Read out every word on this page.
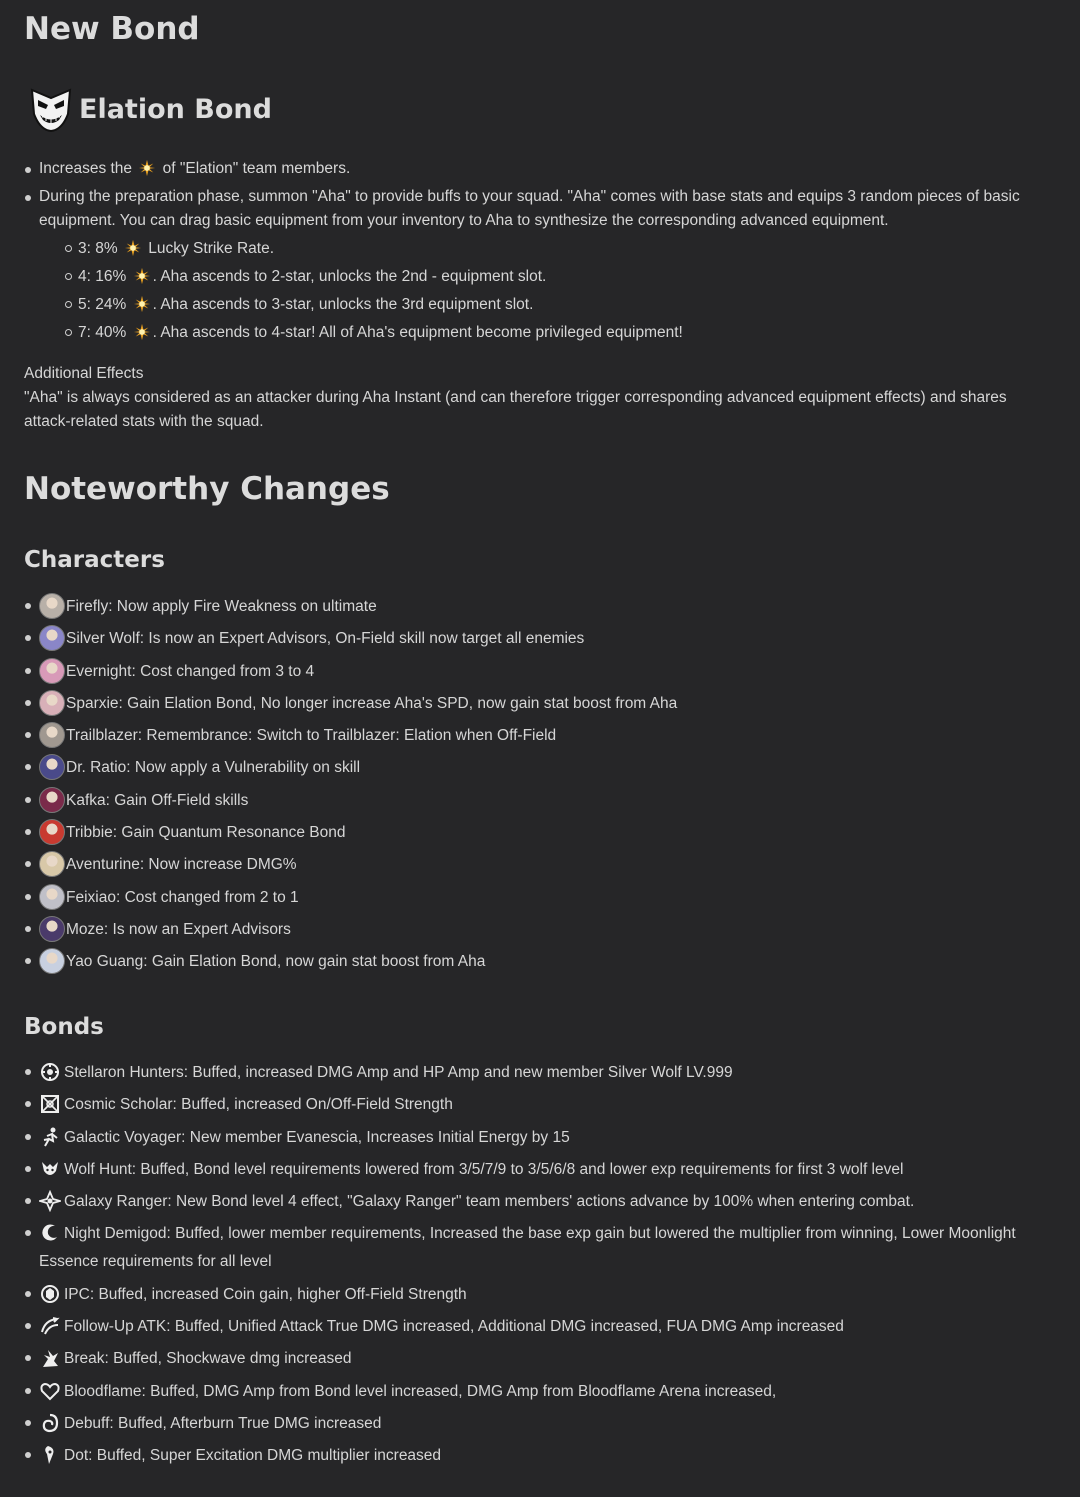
New Bond
Elation Bond
Increases the  of "Elation" team members.
During the preparation phase, summon "Aha" to provide buffs to your squad. "Aha" comes with base stats and equips 3 random pieces of basic equipment. You can drag basic equipment from your inventory to Aha to synthesize the corresponding advanced equipment.
3: 8%  Lucky Strike Rate.
4: 16% . Aha ascends to 2-star, unlocks the 2nd - equipment slot.
5: 24% . Aha ascends to 3-star, unlocks the 3rd equipment slot.
7: 40% . Aha ascends to 4-star! All of Aha's equipment become privileged equipment!
Additional Effects
"Aha" is always considered as an attacker during Aha Instant (and can therefore trigger corresponding advanced equipment effects) and shares attack-related stats with the squad.
Noteworthy Changes
Characters
Firefly: Now apply Fire Weakness on ultimate
Silver Wolf: Is now an Expert Advisors, On-Field skill now target all enemies
Evernight: Cost changed from 3 to 4
Sparxie: Gain Elation Bond, No longer increase Aha's SPD, now gain stat boost from Aha
Trailblazer: Remembrance: Switch to Trailblazer: Elation when Off-Field
Dr. Ratio: Now apply a Vulnerability on skill
Kafka: Gain Off-Field skills
Tribbie: Gain Quantum Resonance Bond
Aventurine: Now increase DMG%
Feixiao: Cost changed from 2 to 1
Moze: Is now an Expert Advisors
Yao Guang: Gain Elation Bond, now gain stat boost from Aha
Bonds
Stellaron Hunters: Buffed, increased DMG Amp and HP Amp and new member Silver Wolf LV.999
Cosmic Scholar: Buffed, increased On/Off-Field Strength
Galactic Voyager: New member Evanescia, Increases Initial Energy by 15
Wolf Hunt: Buffed, Bond level requirements lowered from 3/5/7/9 to 3/5/6/8 and lower exp requirements for first 3 wolf level
Galaxy Ranger: New Bond level 4 effect, "Galaxy Ranger" team members' actions advance by 100% when entering combat.
Night Demigod: Buffed, lower member requirements, Increased the base exp gain but lowered the multiplier from winning, Lower Moonlight Essence requirements for all level
IPC: Buffed, increased Coin gain, higher Off-Field Strength
Follow-Up ATK: Buffed, Unified Attack True DMG increased, Additional DMG increased, FUA DMG Amp increased
Break: Buffed, Shockwave dmg increased
Bloodflame: Buffed, DMG Amp from Bond level increased, DMG Amp from Bloodflame Arena increased,
Debuff: Buffed, Afterburn True DMG increased
Dot: Buffed, Super Excitation DMG multiplier increased
